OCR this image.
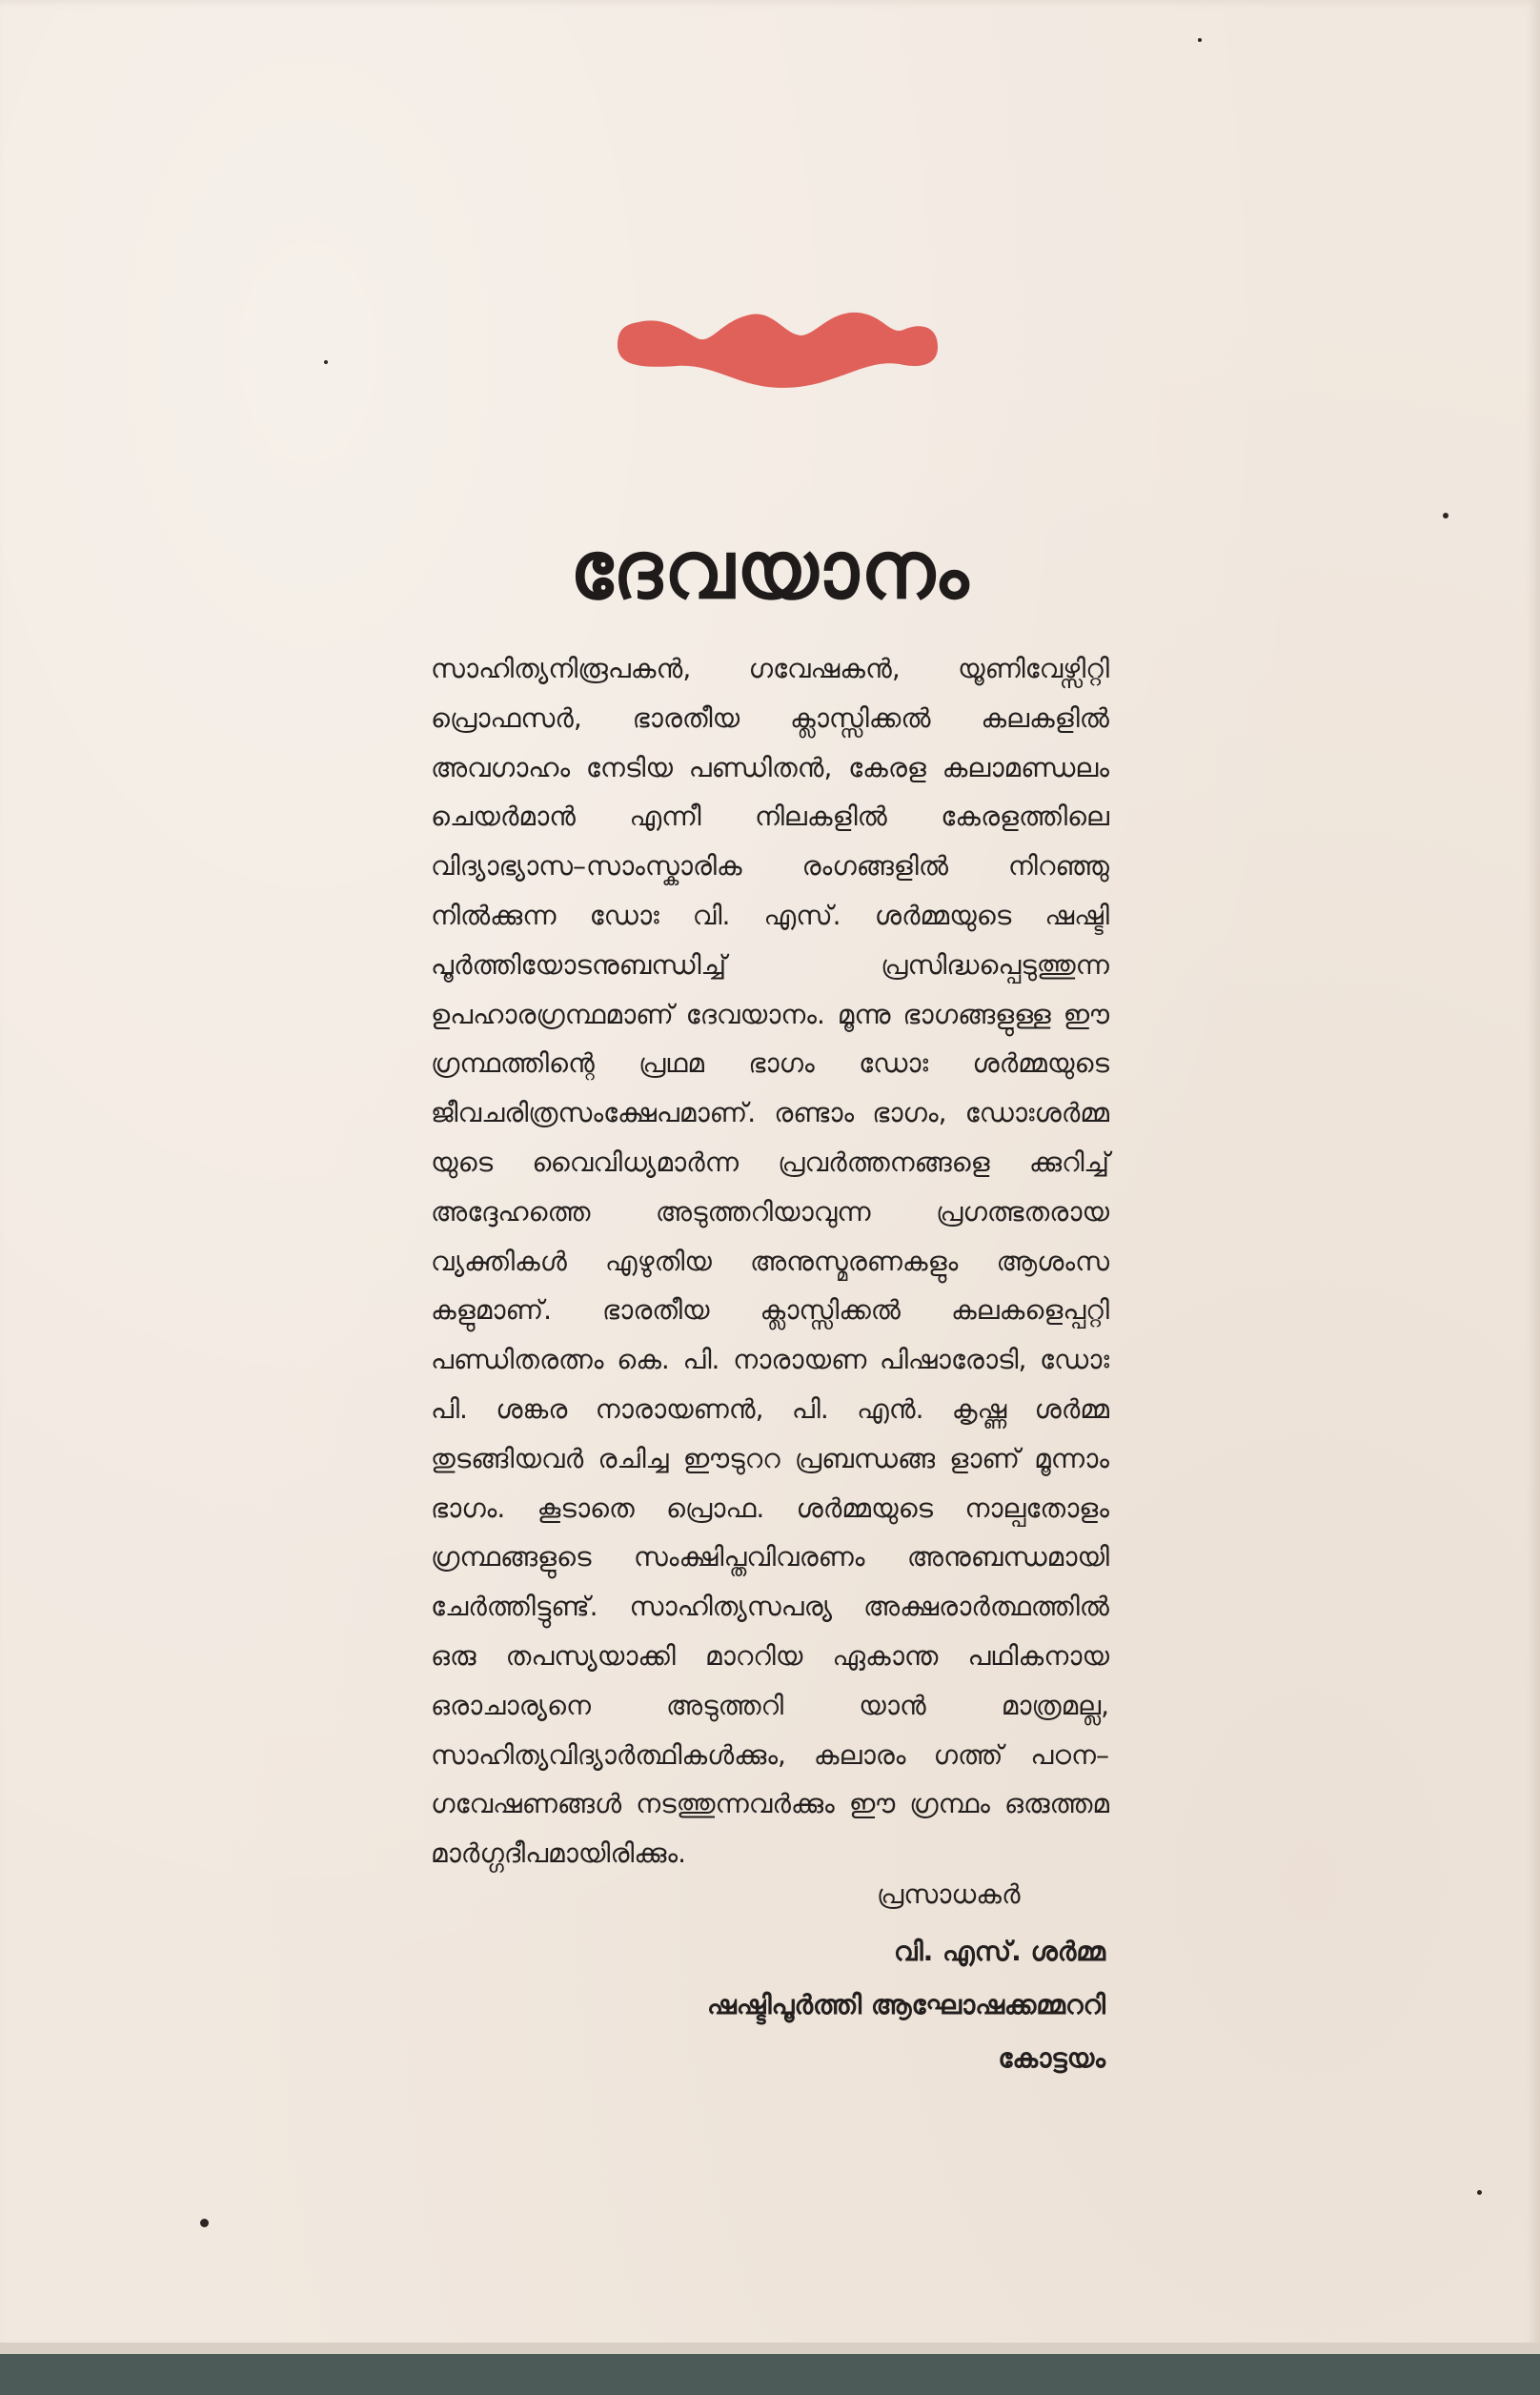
ദേവയാനം

സാഹിത്യനിരൂപകൻ, ഗവേഷകൻ, യൂണിവേഴ്സിറ്റി പ്രൊഫസർ, ഭാരതീയ ക്ലാസ്സിക്കൽ കലകളിൽ അവഗാഹം നേടിയ പണ്ഡിതൻ, കേരള കലാമണ്ഡലം ചെയർമാൻ എന്നീ നിലകളിൽ കേരളത്തിലെ വിദ്യാഭ്യാസ–സാംസ്കാരിക രംഗങ്ങളിൽ നിറഞ്ഞു നിൽക്കുന്ന ഡോഃ വി. എസ്. ശർമ്മയുടെ ഷഷ്ടി പൂർത്തിയോടനുബന്ധിച്ച് പ്രസിദ്ധപ്പെടുത്തുന്ന ഉപഹാരഗ്രന്ഥമാണ് ദേവയാനം. മൂന്നു ഭാഗങ്ങളുള്ള ഈ ഗ്രന്ഥത്തിന്റെ പ്രഥമ ഭാഗം ഡോഃ ശർമ്മയുടെ ജീവചരിത്രസംക്ഷേപമാണ്. രണ്ടാം ഭാഗം, ഡോഃശർമ്മ യുടെ വൈവിധ്യമാർന്ന പ്രവർത്തനങ്ങളെ ക്കുറിച്ച് അദ്ദേഹത്തെ അടുത്തറിയാവുന്ന പ്രഗത്ഭതരായ വ്യക്തികൾ എഴുതിയ അനുസ്മരണകളും ആശംസ കളുമാണ്. ഭാരതീയ ക്ലാസ്സിക്കൽ കലകളെപ്പറ്റി പണ്ഡിതരത്നം കെ. പി. നാരായണ പിഷാരോടി, ഡോഃ പി. ശങ്കര നാരായണൻ, പി. എൻ. കൃഷ്ണ ശർമ്മ തുടങ്ങിയവർ രചിച്ച ഈടുററ പ്രബന്ധങ്ങ ളാണ് മൂന്നാം ഭാഗം. കൂടാതെ പ്രൊഫ. ശർമ്മയുടെ നാല്പതോളം ഗ്രന്ഥങ്ങളുടെ സംക്ഷിപ്തവിവരണം അനുബന്ധമായി ചേർത്തിട്ടുണ്ട്. സാഹിത്യസപര്യ അക്ഷരാർത്ഥത്തിൽ ഒരു തപസ്യയാക്കി മാററിയ ഏകാന്ത പഥികനായ ഒരാചാര്യനെ അടുത്തറി യാൻ മാത്രമല്ല, സാഹിത്യവിദ്യാർത്ഥികൾക്കും, കലാരം ഗത്ത് പഠന–ഗവേഷണങ്ങൾ നടത്തുന്നവർക്കും ഈ ഗ്രന്ഥം ഒരുത്തമ മാർഗ്ഗദീപമായിരിക്കും.

പ്രസാധകർ
വി. എസ്. ശർമ്മ
ഷഷ്ടിപൂർത്തി ആഘോഷക്കമ്മററി
കോട്ടയം
